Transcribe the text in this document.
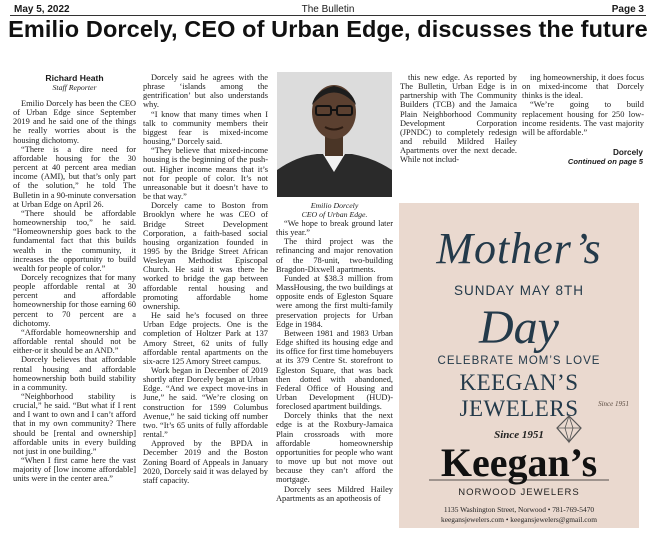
May 5, 2022	The Bulletin	Page 3
Emilio Dorcely, CEO of Urban Edge, discusses the future
Richard Heath
Staff Reporter

Emilio Dorcely has been the CEO of Urban Edge since September 2019 and he said one of the things he really worries about is the housing dichotomy.

“There is a dire need for affordable housing for the 30 percent at 40 percent area median income (AMI), but that’s only part of the solution,” he told The Bulletin in a 90-minute conversation at Urban Edge on April 26.

“There should be affordable homeownership too,” he said. “Homeownership goes back to the fundamental fact that this builds wealth in the community, it increases the opportunity to build wealth for people of color.”

Dorcely recognizes that for many people affordable rental at 30 percent and affordable homeownership for those earning 60 percent to 70 percent are a dichotomy.

“Affordable homeownership and affordable rental should not be either-or it should be an AND.”

Dorcely believes that affordable rental housing and affordable homeownership both build stability in a community.

“Neighborhood stability is crucial,” he said. “But what if I rent and I want to own and I can’t afford that in my own community? There should be [rental and ownership] affordable units in every building not just in one building.”

“When I first came here the vast majority of [low income affordable] units were in the center area.”

Dorcely said he agrees with the phrase ‘islands among the gentrification’ but also understands why.

“I know that many times when I talk to community members their biggest fear is mixed-income housing,” Dorcely said.

“They believe that mixed-income housing is the beginning of the push-out. Higher income means that it’s not for people of color. It’s not unreasonable but it doesn’t have to be that way.”

Dorcely came to Boston from Brooklyn where he was CEO of Bridge Street Development Corporation, a faith-based social housing organization founded in 1995 by the Bridge Street African Wesleyan Methodist Episcopal Church. He said it was there he worked to bridge the gap between affordable rental housing and promoting affordable home ownership.

He said he’s focused on three Urban Edge projects. One is the completion of Holtzer Park at 137 Amory Street, 62 units of fully affordable rental apartments on the six-acre 125 Amory Street campus.

Work began in December of 2019 shortly after Dorcely began at Urban Edge. “And we expect move-ins in June,” he said. “We’re closing on construction for 1599 Columbus Avenue,” he said ticking off number two. “It’s 65 units of fully affordable rental.”

Approved by the BPDA in December 2019 and the Boston Zoning Board of Appeals in January 2020, Dorcely said it was delayed by staff capacity.

Emilio Dorcely
CEO of Urban Edge.

“We hope to break ground later this year.”

The third project was the refinancing and major renovation of the 78-unit, two-building Bragdon-Dixwell apartments.

Funded at $38.3 million from MassHousing, the two buildings at opposite ends of Egleston Square were among the first multi-family preservation projects for Urban Edge in 1984.

Between 1981 and 1983 Urban Edge shifted its housing edge and its office for first time homebuyers at its 379 Centre St. storefront to Egleston Square, that was back then dotted with abandoned, Federal Office of Housing and Urban Development (HUD)-foreclosed apartment buildings.

Dorcely thinks that the next edge is at the Roxbury-Jamaica Plain crossroads with more affordable homeownership opportunities for people who want to move up but not move out because they can’t afford the mortgage.

Dorcely sees Mildred Hailey Apartments as an apotheosis of

this new edge. As reported by The Bulletin, Urban Edge is in partnership with The Community Builders (TCB) and the Jamaica Plain Neighborhood Community Development Corporation (JPNDC) to completely redesign and rebuild Mildred Hailey Apartments over the next decade. While not includ-

ing homeownership, it does focus on mixed-income that Dorcely thinks is the ideal.

“We’re going to build replacement housing for 250 low-income residents. The vast majority will be affordable.”

Dorcely
Continued on page 5
Mother’s
SUNDAY MAY 8TH
Day
CELEBRATE MOM’S LOVE
KEEGAN’S JEWELERS	Since 1951
Since 1951
Keegan’s
NORWOOD JEWELERS
1135 Washington Street, Norwood • 781-769-5470
keegansjewelers.com • keegansjewelers@gmail.com
